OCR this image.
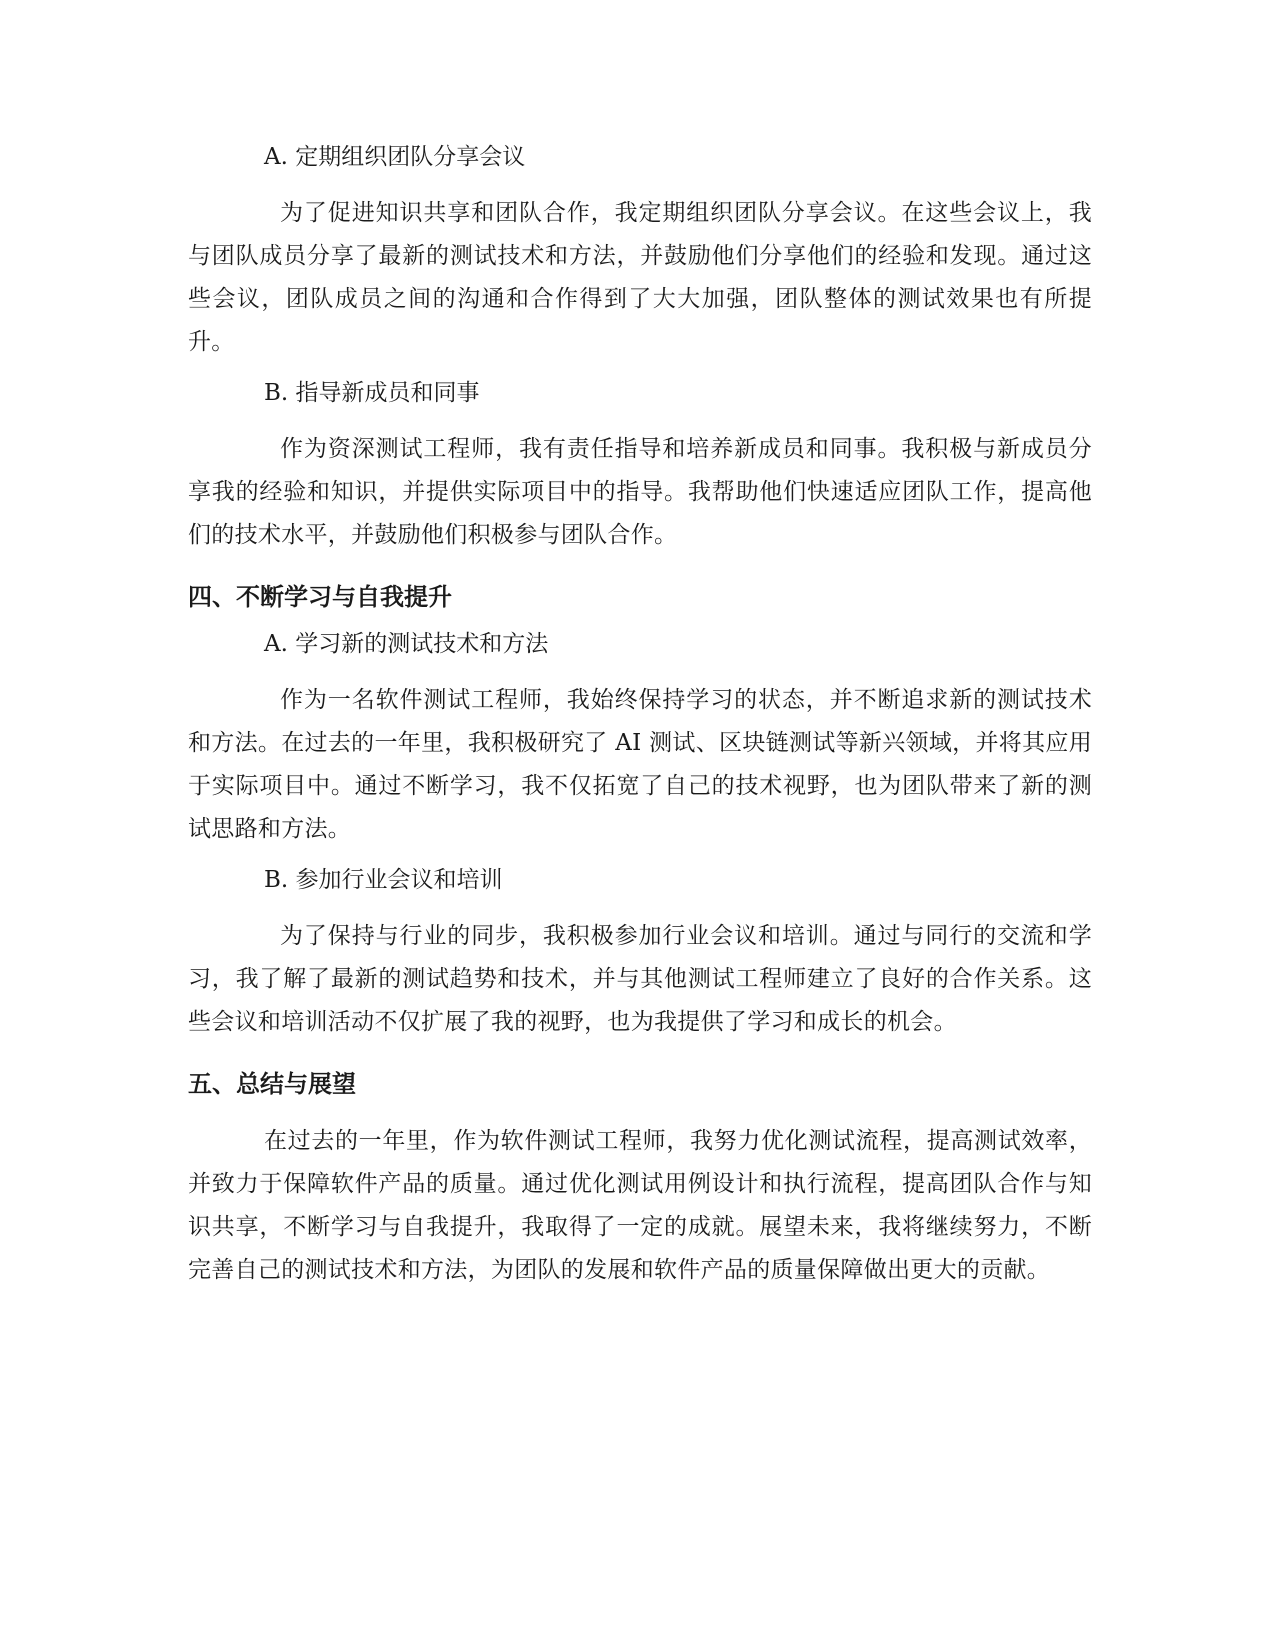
A. 定期组织团队分享会议

为了促进知识共享和团队合作，我定期组织团队分享会议。在这些会议上，我与团队成员分享了最新的测试技术和方法，并鼓励他们分享他们的经验和发现。通过这些会议，团队成员之间的沟通和合作得到了大大加强，团队整体的测试效果也有所提升。

B. 指导新成员和同事

作为资深测试工程师，我有责任指导和培养新成员和同事。我积极与新成员分享我的经验和知识，并提供实际项目中的指导。我帮助他们快速适应团队工作，提高他们的技术水平，并鼓励他们积极参与团队合作。

四、不断学习与自我提升
A. 学习新的测试技术和方法

作为一名软件测试工程师，我始终保持学习的状态，并不断追求新的测试技术和方法。在过去的一年里，我积极研究了 AI 测试、区块链测试等新兴领域，并将其应用于实际项目中。通过不断学习，我不仅拓宽了自己的技术视野，也为团队带来了新的测试思路和方法。

B. 参加行业会议和培训

为了保持与行业的同步，我积极参加行业会议和培训。通过与同行的交流和学习，我了解了最新的测试趋势和技术，并与其他测试工程师建立了良好的合作关系。这些会议和培训活动不仅扩展了我的视野，也为我提供了学习和成长的机会。

五、总结与展望

在过去的一年里，作为软件测试工程师，我努力优化测试流程，提高测试效率，并致力于保障软件产品的质量。通过优化测试用例设计和执行流程，提高团队合作与知识共享，不断学习与自我提升，我取得了一定的成就。展望未来，我将继续努力，不断完善自己的测试技术和方法，为团队的发展和软件产品的质量保障做出更大的贡献。
